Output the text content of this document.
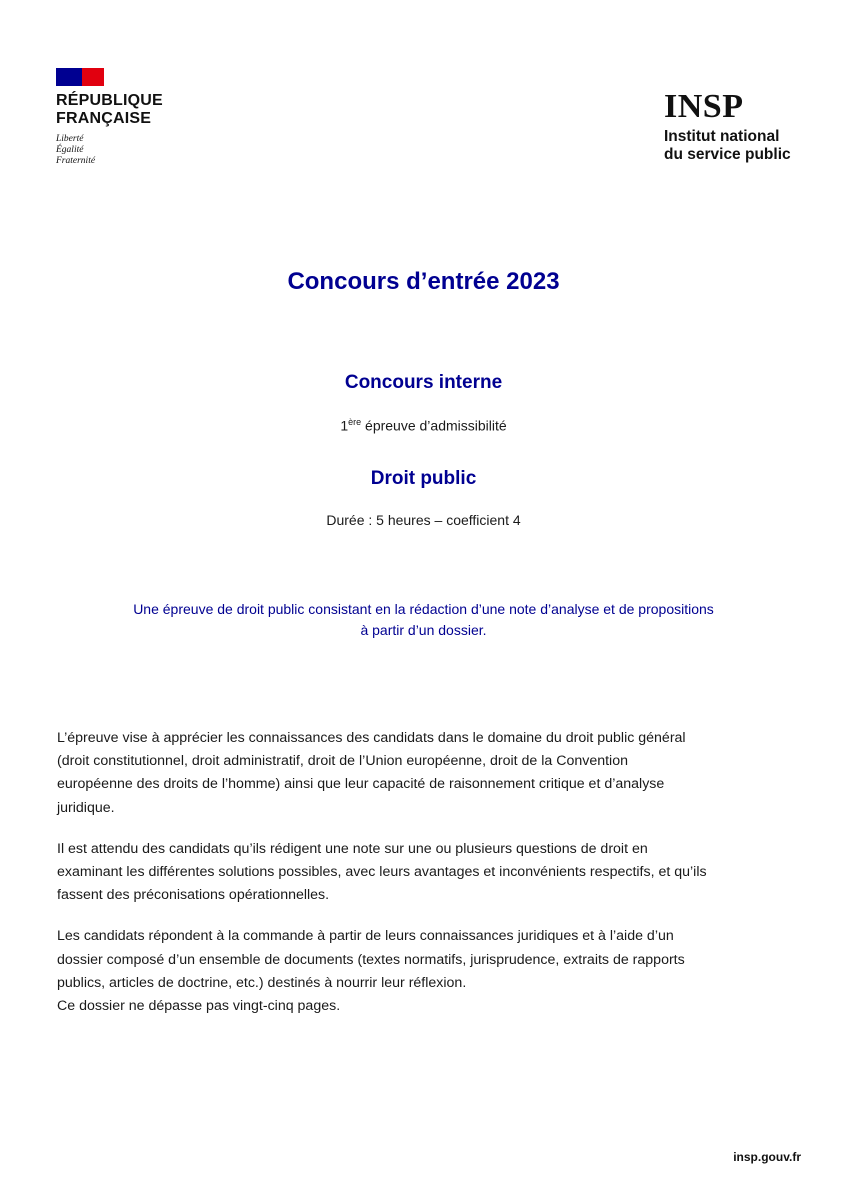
RÉPUBLIQUE
FRANÇAISE
Liberté
Égalité
Fraternité
INSP
Institut national
du service public
Concours d’entrée 2023
Concours interne
1ère épreuve d’admissibilité
Droit public
Durée : 5 heures – coefficient 4
Une épreuve de droit public consistant en la rédaction d’une note d’analyse et de propositions
à partir d’un dossier.

L’épreuve vise à apprécier les connaissances des candidats dans le domaine du droit public général
(droit constitutionnel, droit administratif, droit de l’Union européenne, droit de la Convention
européenne des droits de l’homme) ainsi que leur capacité de raisonnement critique et d’analyse
juridique.

Il est attendu des candidats qu’ils rédigent une note sur une ou plusieurs questions de droit en
examinant les différentes solutions possibles, avec leurs avantages et inconvénients respectifs, et qu’ils
fassent des préconisations opérationnelles.

Les candidats répondent à la commande à partir de leurs connaissances juridiques et à l’aide d’un
dossier composé d’un ensemble de documents (textes normatifs, jurisprudence, extraits de rapports
publics, articles de doctrine, etc.) destinés à nourrir leur réflexion.
Ce dossier ne dépasse pas vingt-cinq pages.

insp.gouv.fr
